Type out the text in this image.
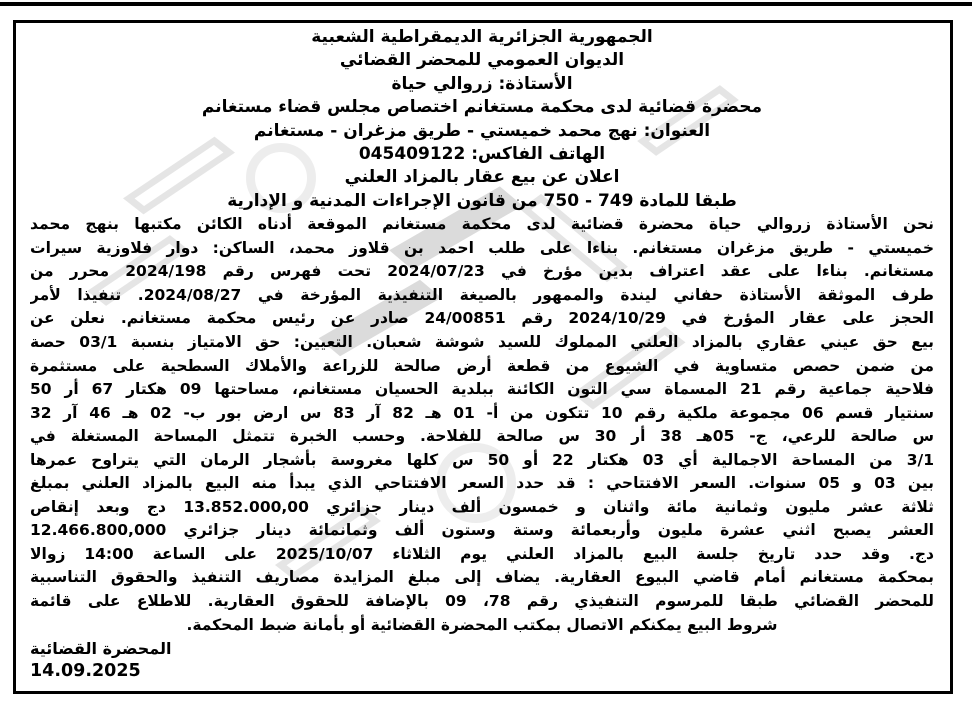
الجمهورية الجزائرية الديمقراطية الشعبية
الديوان العمومي للمحضر القضائي
الأستاذة: زروالي حياة
محضرة قضائية لدى محكمة مستغانم اختصاص مجلس قضاء مستغانم
العنوان: نهج محمد خميستي - طريق مزغران - مستغانم
الهاتف الفاكس: 045409122
اعلان عن بيع عقار بالمزاد العلني
طبقا للمادة 749 - 750 من قانون الإجراءات المدنية و الإدارية
نحن الأستاذة زروالي حياة محضرة قضائية لدى محكمة مستغانم الموقعة أدناه الكائن مكتبها بنهج محمد
خميستي - طريق مزغران مستغانم. بناءا على طلب احمد بن قلاوز محمد، الساكن: دوار فلاوزية سيرات
مستغانم. بناءا على عقد اعتراف بدين مؤرخ في 2024/07/23 تحت فهرس رقم 2024/198 محرر من
طرف الموثقة الأستاذة حفاني ليندة والممهور بالصيغة التنفيذية المؤرخة في 2024/08/27. تنفيذا لأمر
الحجز على عقار المؤرخ في 2024/10/29 رقم 24/00851 صادر عن رئيس محكمة مستغانم. نعلن عن
بيع حق عيني عقاري بالمزاد العلني المملوك للسيد شوشة شعبان. التعيين: حق الامتياز بنسبة 03/1 حصة
من ضمن حصص متساوية في الشيوع من قطعة أرض صالحة للزراعة والأملاك السطحية على مستثمرة
فلاحية جماعية رقم 21 المسماة سي التون الكائنة ببلدية الحسيان مستغانم، مساحتها 09 هكتار 67 أر 50
سنتيار قسم 06 مجموعة ملكية رقم 10 تتكون من أ- 01 هـ 82 آر 83 س ارض بور ب- 02 هـ 46 آر 32
س صالحة للرعي، ج- 05هـ 38 أر 30 س صالحة للفلاحة. وحسب الخبرة تتمثل المساحة المستغلة في
3/1 من المساحة الاجمالية أي 03 هكتار 22 أو 50 س كلها مغروسة بأشجار الرمان التي يتراوح عمرها
بين 03 و 05 سنوات. السعر الافتتاحي : قد حدد السعر الافتتاحي الذي يبدأ منه البيع بالمزاد العلني بمبلغ
ثلاثة عشر مليون وثمانية مائة واثنان و خمسون ألف دينار جزائري 13.852.000,00 دج وبعد إنقاص
العشر يصبح اثني عشرة مليون وأربعمائة وستة وستون ألف وثمانمائة دينار جزائري 12.466.800,000
دج. وقد حدد تاريخ جلسة البيع بالمزاد العلني يوم الثلاثاء 2025/10/07 على الساعة 14:00 زوالا
بمحكمة مستغانم أمام قاضي البيوع العقارية. يضاف إلى مبلغ المزايدة مصاريف التنفيذ والحقوق التناسبية
للمحضر القضائي طبقا للمرسوم التنفيذي رقم 78، 09 بالإضافة للحقوق العقارية. للاطلاع على قائمة
شروط البيع يمكنكم الاتصال بمكتب المحضرة القضائية أو بأمانة ضبط المحكمة.
المحضرة القضائية
14.09.2025
